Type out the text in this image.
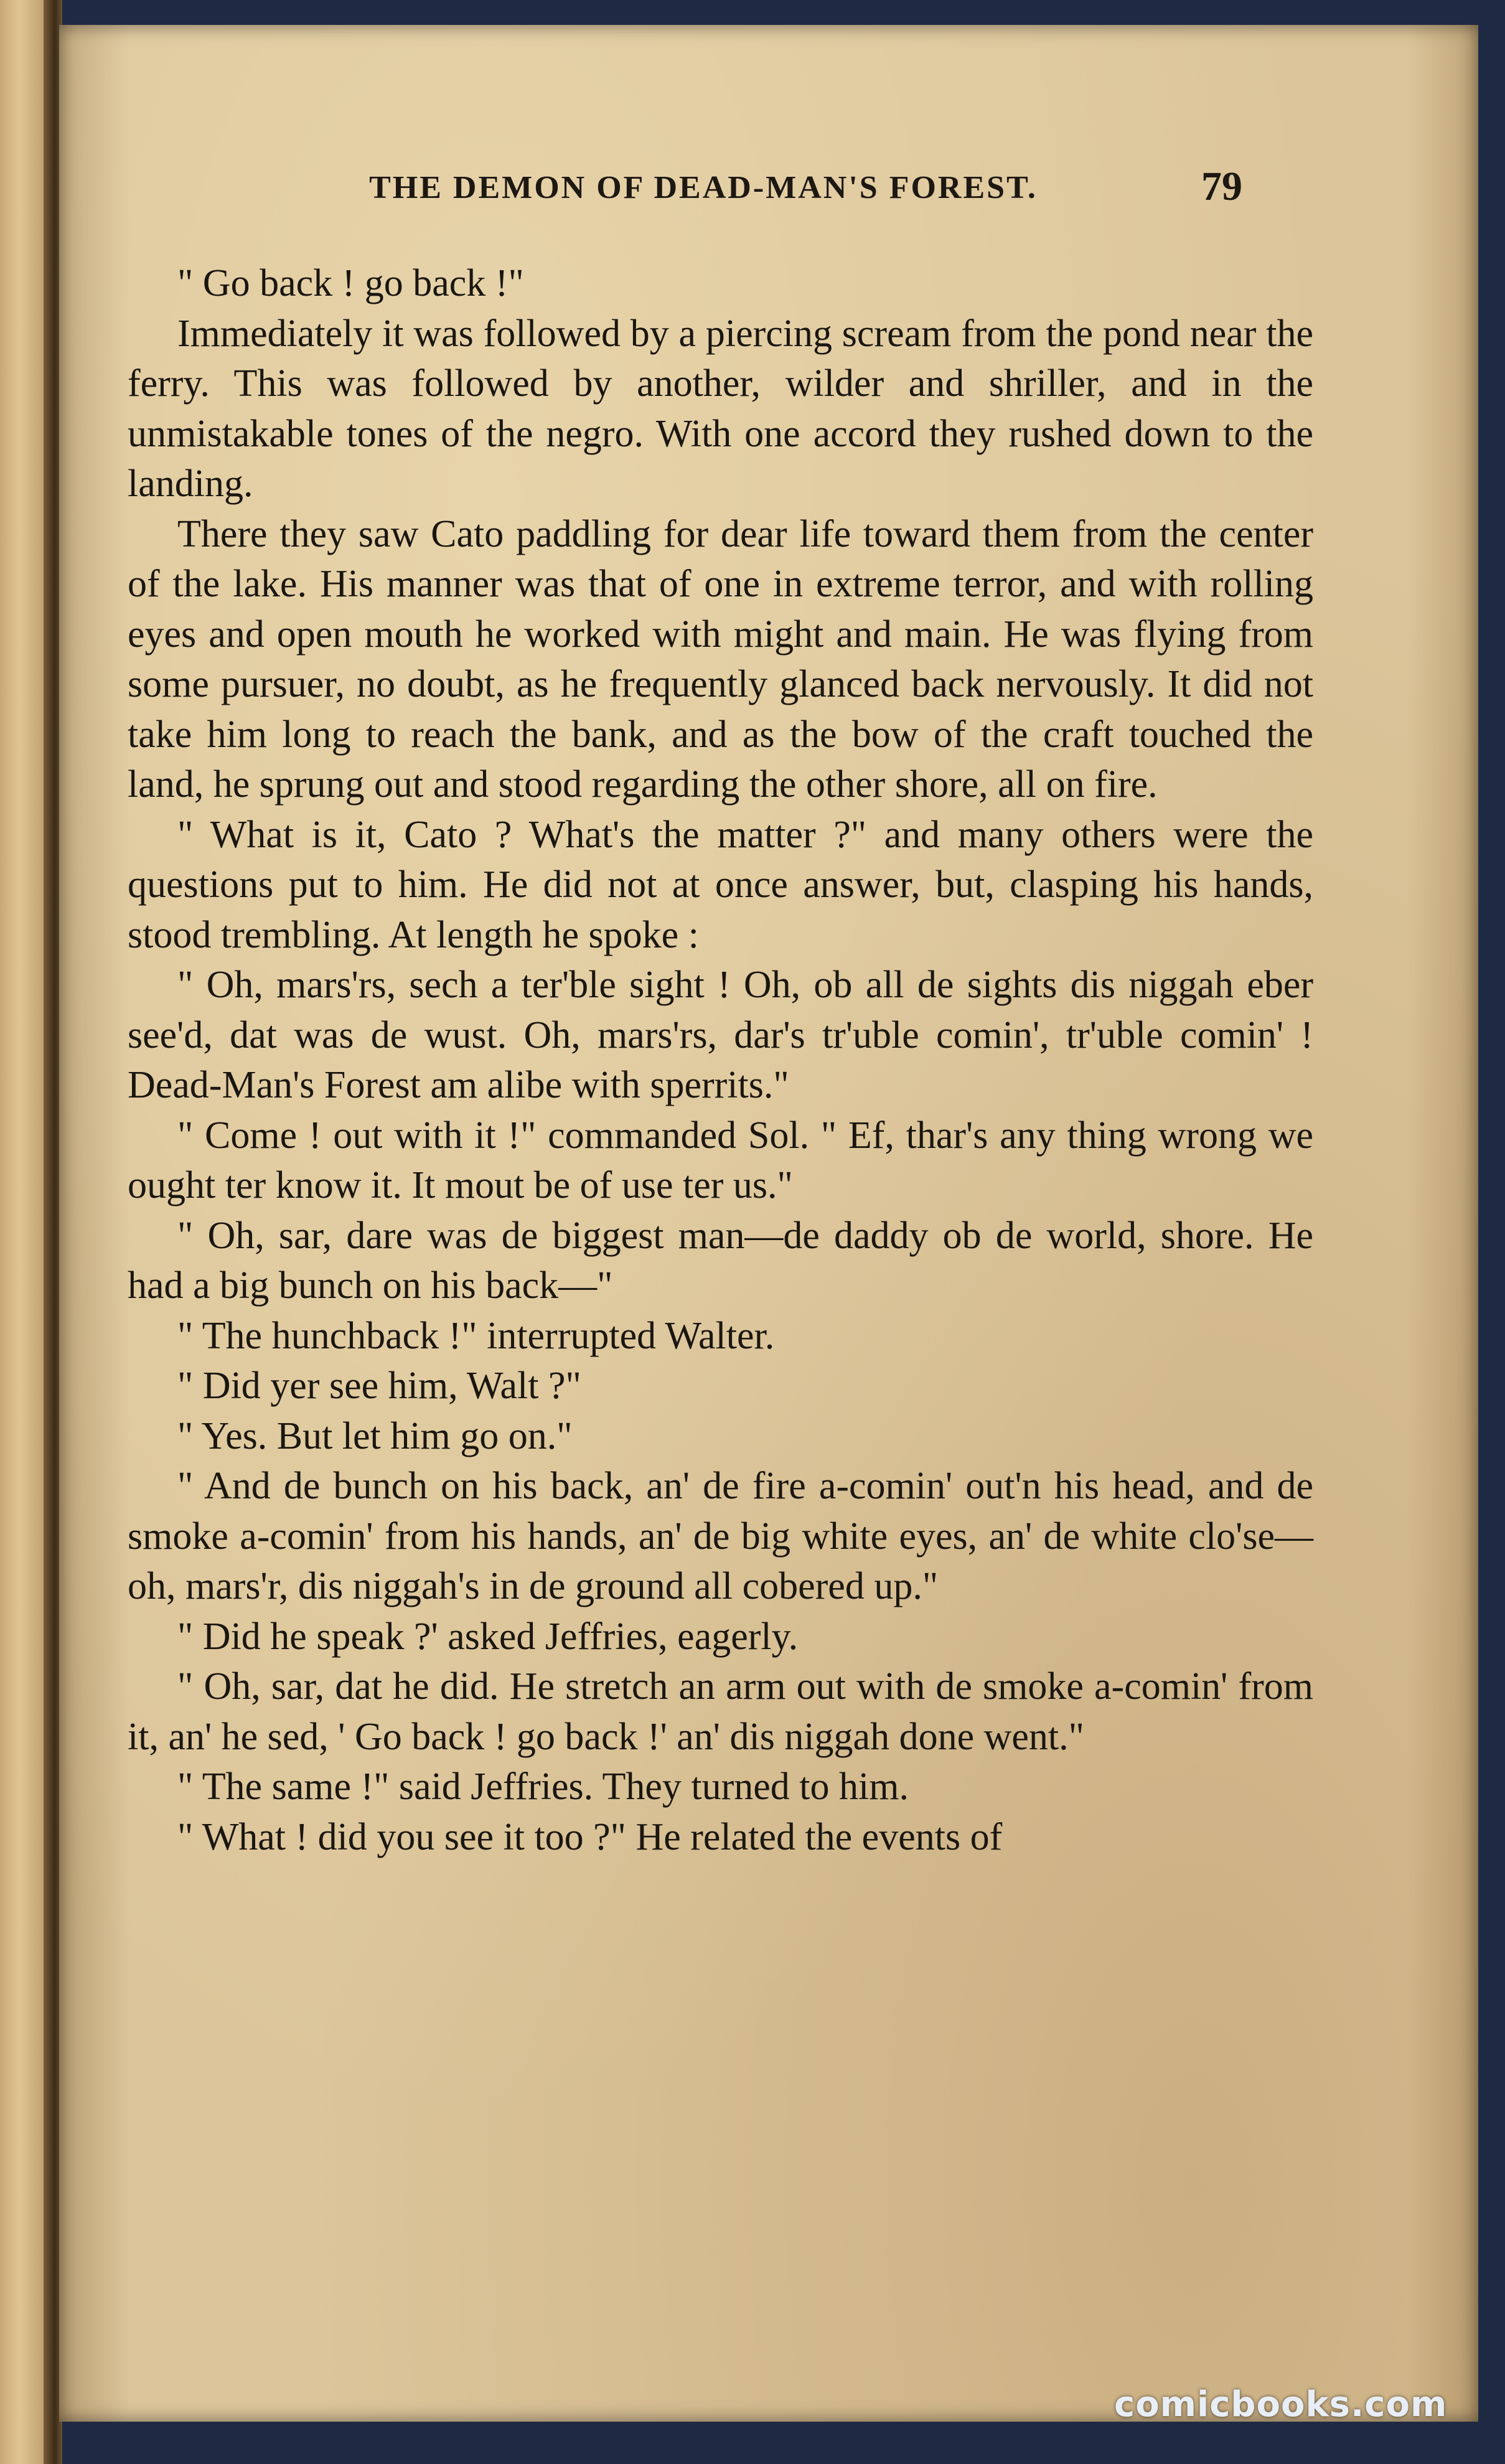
THE DEMON OF DEAD-MAN'S FOREST.	79

" Go back ! go back !"

Immediately it was followed by a piercing scream from the pond near the ferry. This was followed by another, wilder and shriller, and in the unmistakable tones of the negro. With one accord they rushed down to the landing.

There they saw Cato paddling for dear life toward them from the center of the lake. His manner was that of one in extreme terror, and with rolling eyes and open mouth he worked with might and main. He was flying from some pursuer, no doubt, as he frequently glanced back nervously. It did not take him long to reach the bank, and as the bow of the craft touched the land, he sprung out and stood regarding the other shore, all on fire.

" What is it, Cato ? What's the matter ?" and many others were the questions put to him. He did not at once answer, but, clasping his hands, stood trembling. At length he spoke :

" Oh, mars'rs, sech a ter'ble sight ! Oh, ob all de sights dis niggah eber see'd, dat was de wust. Oh, mars'rs, dar's tr'uble comin', tr'uble comin' ! Dead-Man's Forest am alibe with sperrits."

" Come ! out with it !" commanded Sol. " Ef, thar's any thing wrong we ought ter know it. It mout be of use ter us."

" Oh, sar, dare was de biggest man—de daddy ob de world, shore. He had a big bunch on his back—"

" The hunchback !" interrupted Walter.

" Did yer see him, Walt ?"

" Yes. But let him go on."

" And de bunch on his back, an' de fire a-comin' out'n his head, and de smoke a-comin' from his hands, an' de big white eyes, an' de white clo'se—oh, mars'r, dis niggah's in de ground all cobered up."

" Did he speak ?' asked Jeffries, eagerly.

" Oh, sar, dat he did. He stretch an arm out with de smoke a-comin' from it, an' he sed, ' Go back ! go back !' an' dis niggah done went."

" The same !" said Jeffries. They turned to him.

" What ! did you see it too ?" He related the events of

comicbooks.com
